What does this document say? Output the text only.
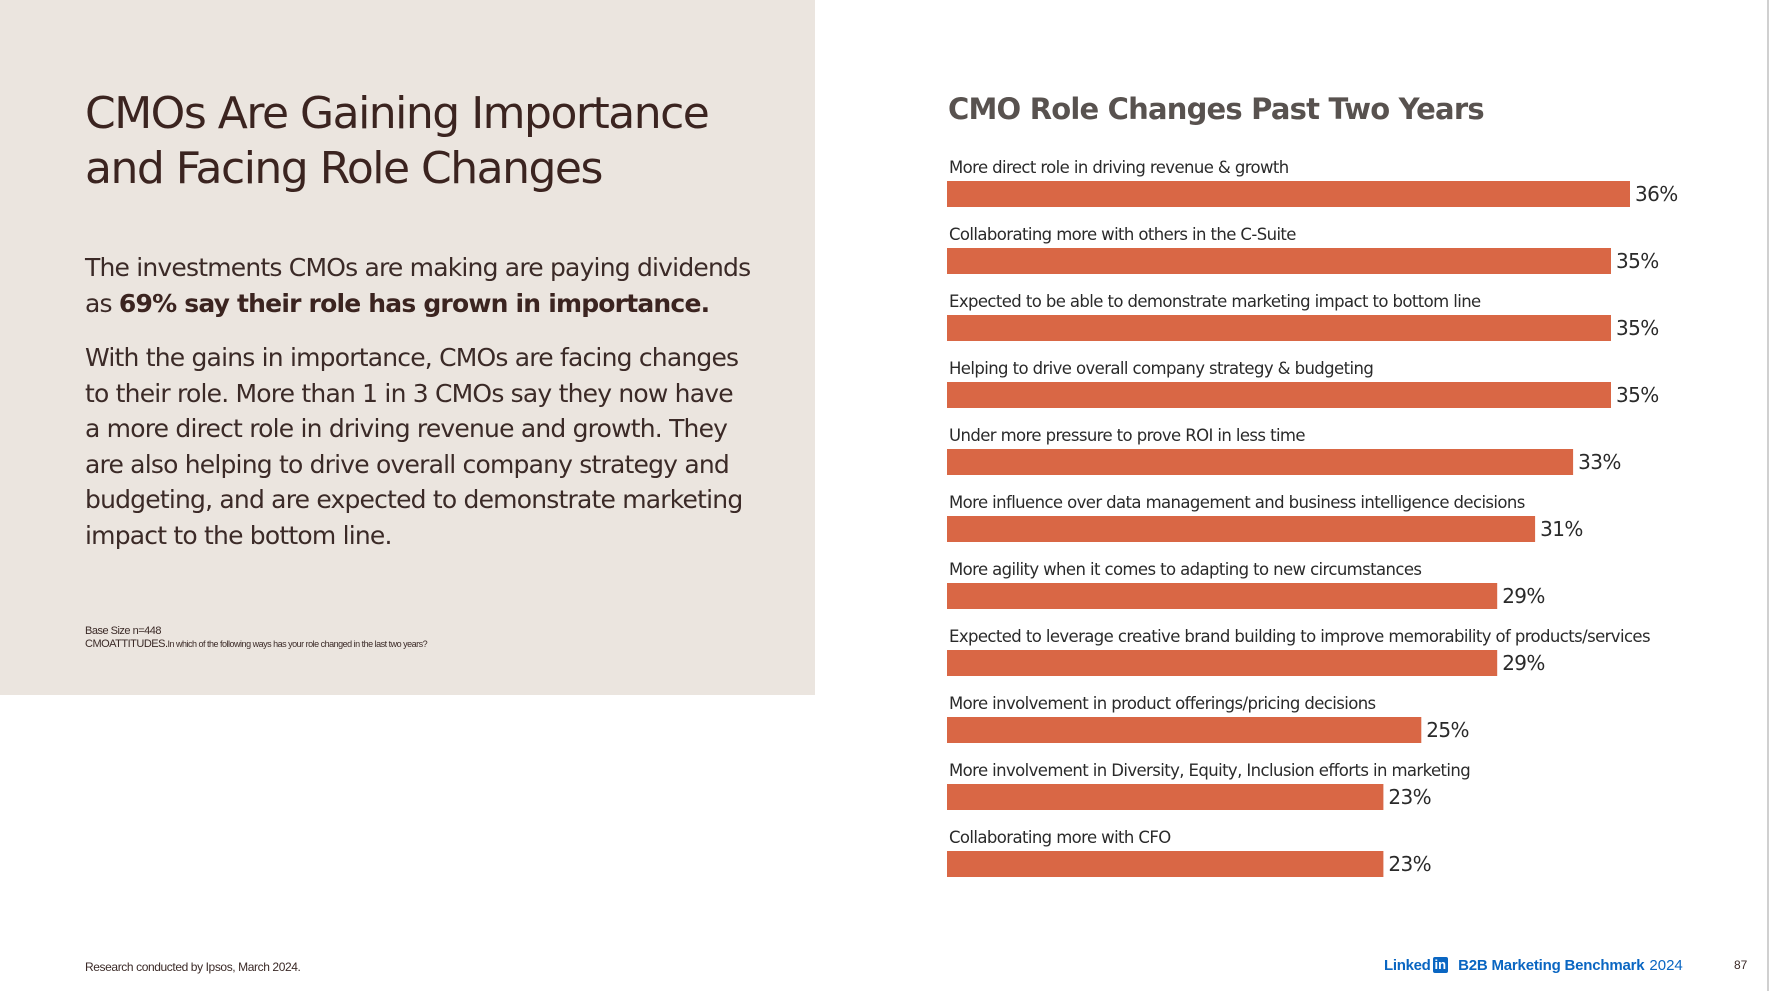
CMOs Are Gaining Importance
and Facing Role Changes

The investments CMOs are making are paying dividends as 69% say their role has grown in importance.

With the gains in importance, CMOs are facing changes to their role. More than 1 in 3 CMOs say they now have a more direct role in driving revenue and growth. They are also helping to drive overall company strategy and budgeting, and are expected to demonstrate marketing impact to the bottom line.

Base Size n=448
CMOATTITUDES.In which of the following ways has your role changed in the last two years?
CMO Role Changes Past Two Years
More direct role in driving revenue & growth
36%
Collaborating more with others in the C-Suite
35%
Expected to be able to demonstrate marketing impact to bottom line
35%
Helping to drive overall company strategy & budgeting
35%
Under more pressure to prove ROI in less time
33%
More influence over data management and business intelligence decisions
31%
More agility when it comes to adapting to new circumstances
29%
Expected to leverage creative brand building to improve memorability of products/services
29%
More involvement in product offerings/pricing decisions
25%
More involvement in Diversity, Equity, Inclusion efforts in marketing
23%
Collaborating more with CFO
23%
Research conducted by Ipsos, March 2024.	Linked in B2B Marketing Benchmark 2024	87
